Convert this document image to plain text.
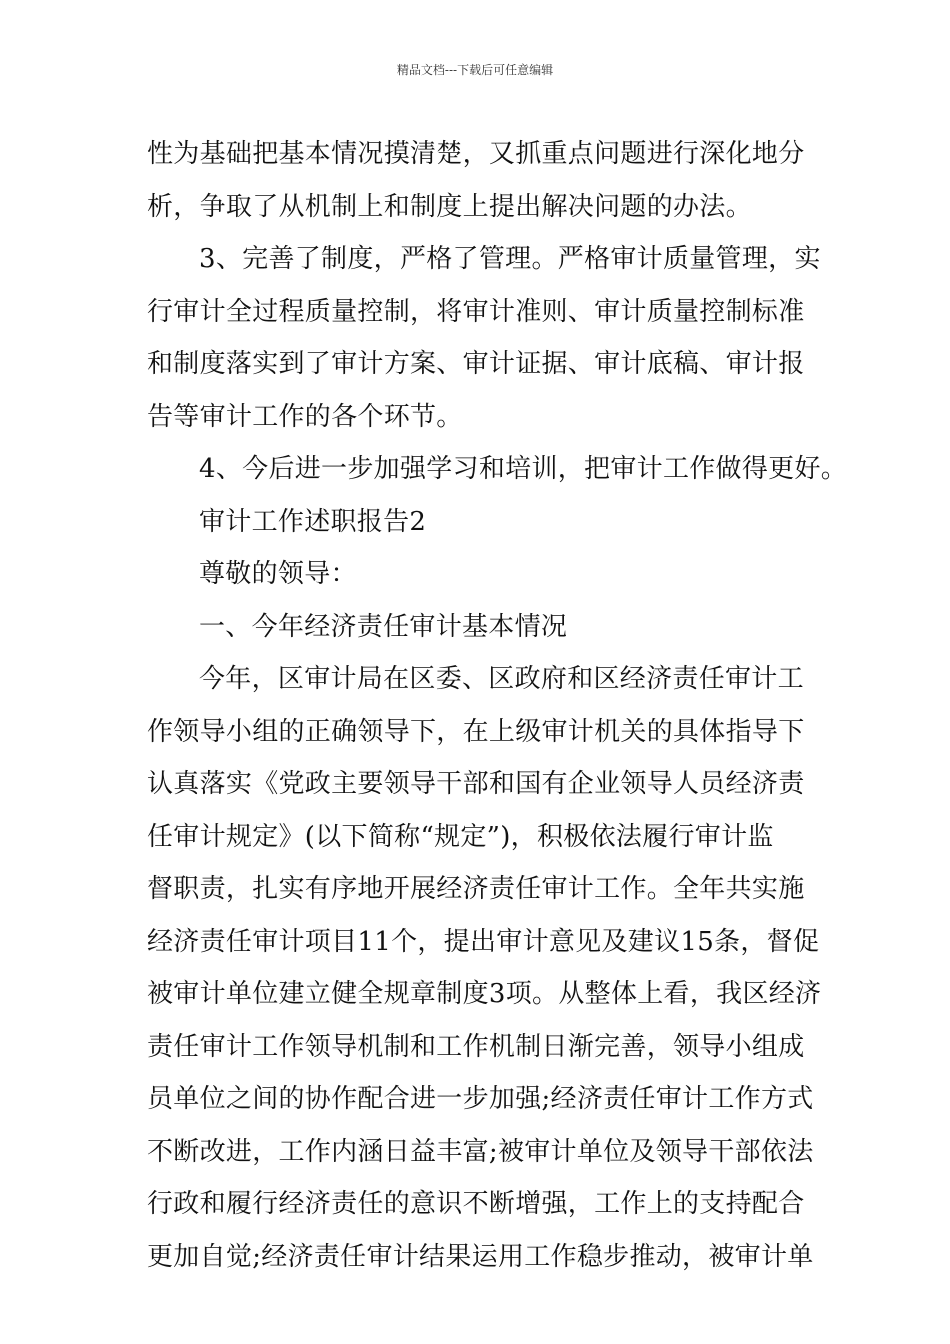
精品文档---下载后可任意编辑
性为基础把基本情况摸清楚，又抓重点问题进行深化地分
析，争取了从机制上和制度上提出解决问题的办法。
3、完善了制度，严格了管理。严格审计质量管理，实
行审计全过程质量控制，将审计准则、审计质量控制标准
和制度落实到了审计方案、审计证据、审计底稿、审计报
告等审计工作的各个环节。
4、今后进一步加强学习和培训，把审计工作做得更好。
审计工作述职报告2
尊敬的领导：
一、今年经济责任审计基本情况
今年，区审计局在区委、区政府和区经济责任审计工
作领导小组的正确领导下，在上级审计机关的具体指导下
认真落实《党政主要领导干部和国有企业领导人员经济责
任审计规定》(以下简称“规定”)，积极依法履行审计监
督职责，扎实有序地开展经济责任审计工作。全年共实施
经济责任审计项目11个，提出审计意见及建议15条，督促
被审计单位建立健全规章制度3项。从整体上看，我区经济
责任审计工作领导机制和工作机制日渐完善，领导小组成
员单位之间的协作配合进一步加强;经济责任审计工作方式
不断改进，工作内涵日益丰富;被审计单位及领导干部依法
行政和履行经济责任的意识不断增强，工作上的支持配合
更加自觉;经济责任审计结果运用工作稳步推动，被审计单
